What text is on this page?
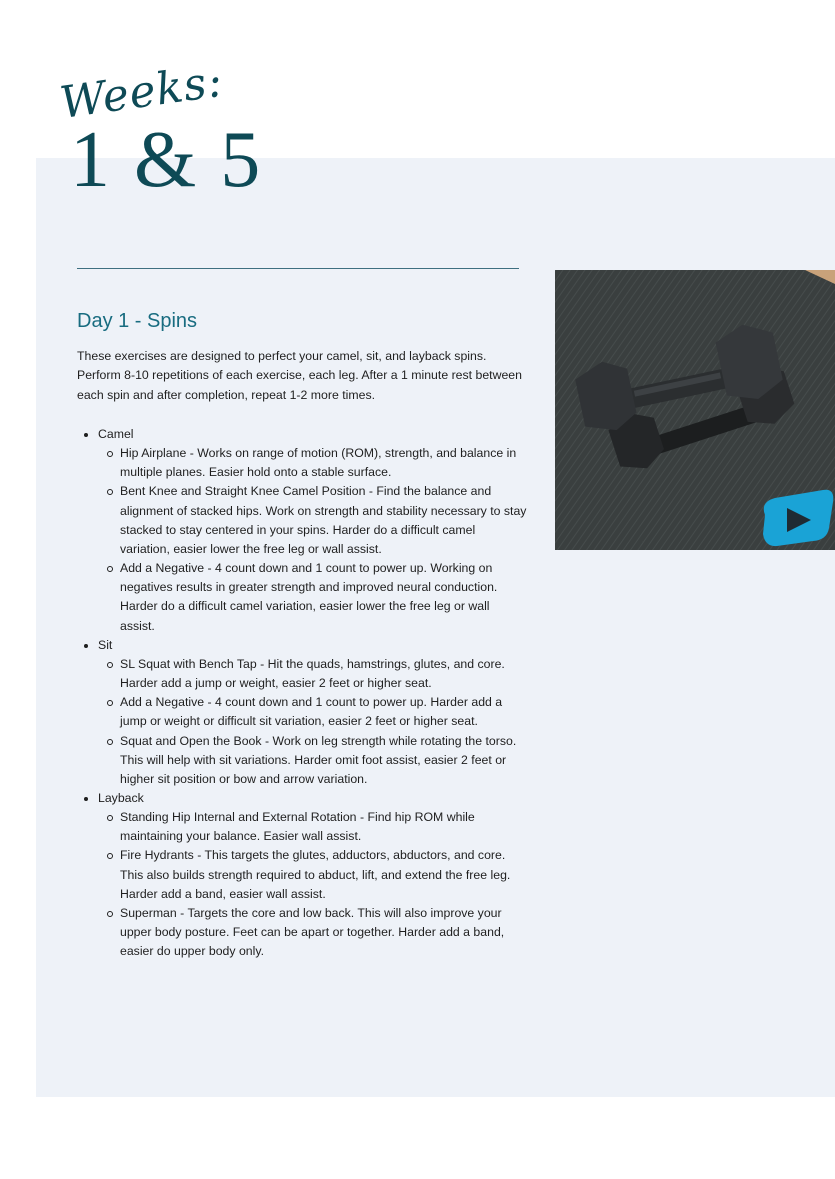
Weeks:
1 & 5
Day 1 - Spins
These exercises are designed to perfect your camel, sit, and layback spins. Perform 8-10 repetitions of each exercise, each leg. After a 1 minute rest between each spin and after completion, repeat 1-2 more times.
Camel
Hip Airplane - Works on range of motion (ROM), strength, and balance in multiple planes. Easier hold onto a stable surface.
Bent Knee and Straight Knee Camel Position - Find the balance and alignment of stacked hips. Work on strength and stability necessary to stay stacked to stay centered in your spins. Harder do a difficult camel variation, easier lower the free leg or wall assist.
Add a Negative - 4 count down and 1 count to power up. Working on negatives results in greater strength and improved neural conduction. Harder do a difficult camel variation, easier lower the free leg or wall assist.
Sit
SL Squat with Bench Tap - Hit the quads, hamstrings, glutes, and core. Harder add a jump or weight, easier 2 feet or higher seat.
Add a Negative - 4 count down and 1 count to power up. Harder add a jump or weight or difficult sit variation, easier 2 feet or higher seat.
Squat and Open the Book - Work on leg strength while rotating the torso. This will help with sit variations. Harder omit foot assist, easier 2 feet or higher sit position or bow and arrow variation.
Layback
Standing Hip Internal and External Rotation - Find hip ROM while maintaining your balance. Easier wall assist.
Fire Hydrants - This targets the glutes, adductors, abductors, and core. This also builds strength required to abduct, lift, and extend the free leg. Harder add a band, easier wall assist.
Superman - Targets the core and low back. This will also improve your upper body posture. Feet can be apart or together. Harder add a band, easier do upper body only.
